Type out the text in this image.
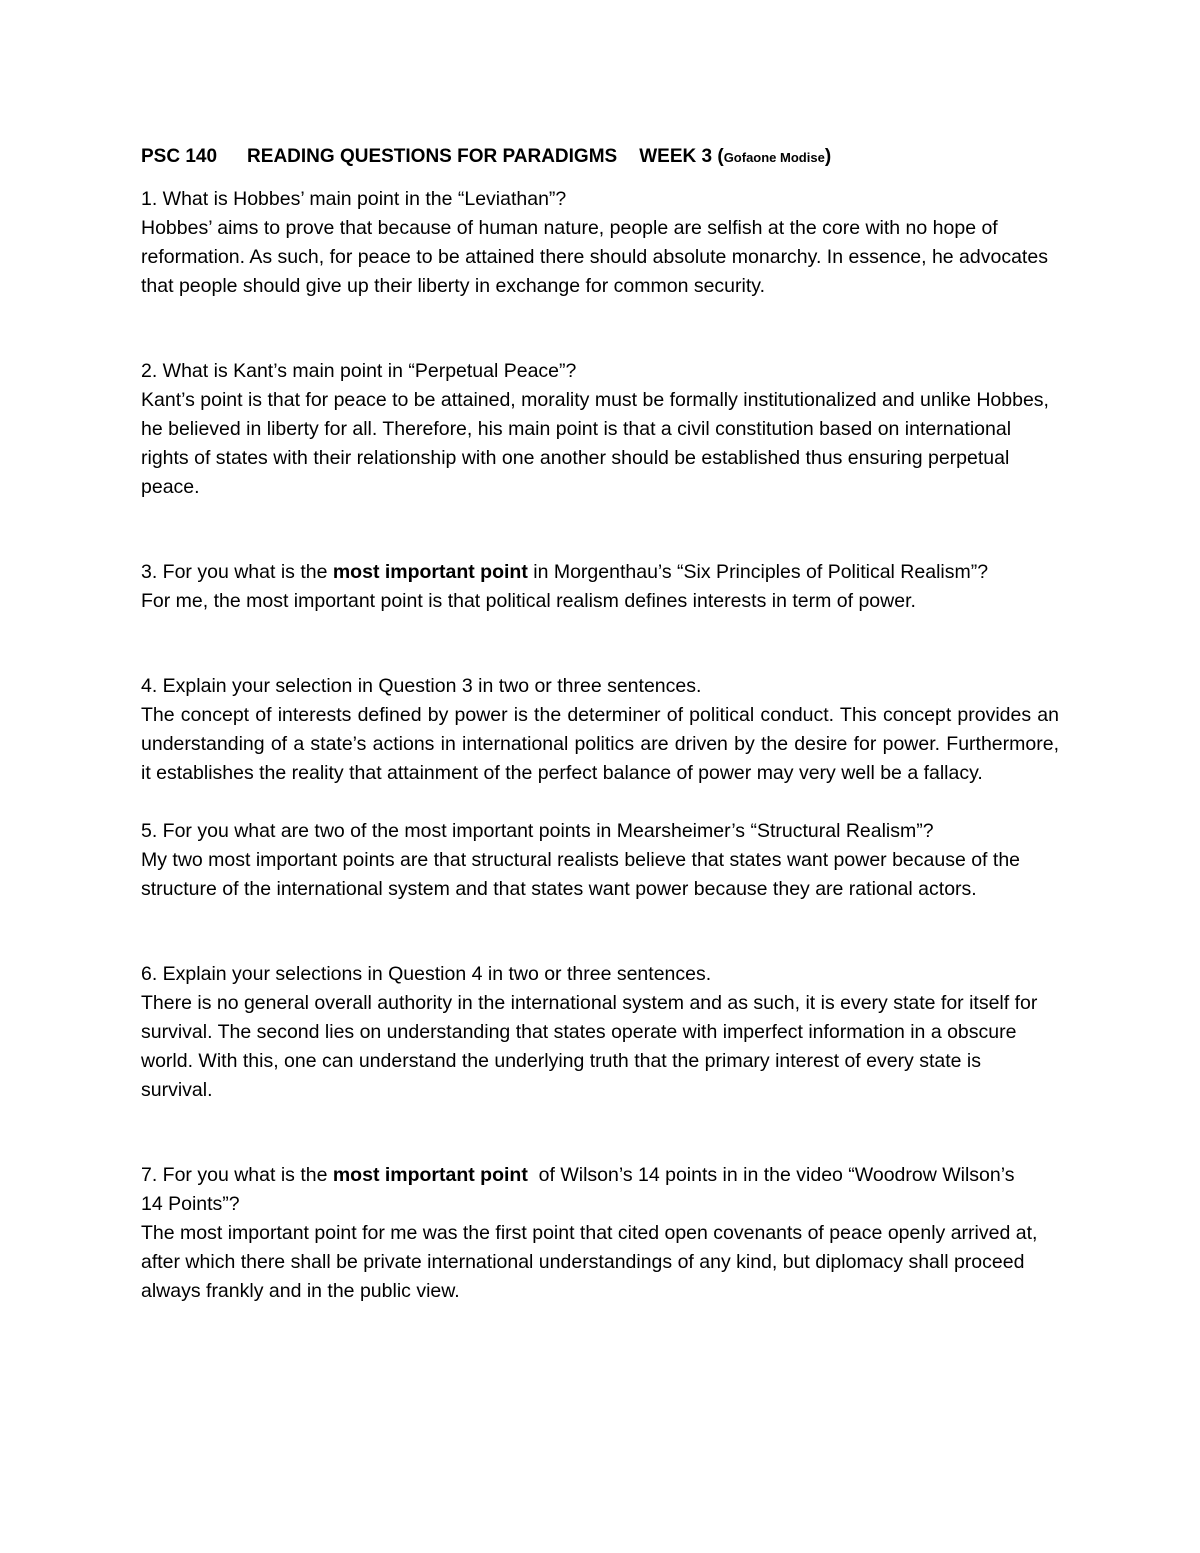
PSC 140 READING QUESTIONS FOR PARADIGMS WEEK 3 (Gofaone Modise)
1. What is Hobbes’ main point in the “Leviathan”?
Hobbes’ aims to prove that because of human nature, people are selfish at the core with no hope of reformation. As such, for peace to be attained there should absolute monarchy. In essence, he advocates that people should give up their liberty in exchange for common security.
2. What is Kant’s main point in “Perpetual Peace”?
Kant’s point is that for peace to be attained, morality must be formally institutionalized and unlike Hobbes, he believed in liberty for all. Therefore, his main point is that a civil constitution based on international rights of states with their relationship with one another should be established thus ensuring perpetual peace.
3. For you what is the most important point in Morgenthau’s “Six Principles of Political Realism”?
For me, the most important point is that political realism defines interests in term of power.
4. Explain your selection in Question 3 in two or three sentences.
The concept of interests defined by power is the determiner of political conduct. This concept provides an understanding of a state’s actions in international politics are driven by the desire for power. Furthermore, it establishes the reality that attainment of the perfect balance of power may very well be a fallacy.
5. For you what are two of the most important points in Mearsheimer’s “Structural Realism”?
My two most important points are that structural realists believe that states want power because of the structure of the international system and that states want power because they are rational actors.
6. Explain your selections in Question 4 in two or three sentences.
There is no general overall authority in the international system and as such, it is every state for itself for survival. The second lies on understanding that states operate with imperfect information in a obscure world. With this, one can understand the underlying truth that the primary interest of every state is survival.
7. For you what is the most important point  of Wilson’s 14 points in in the video “Woodrow Wilson’s 14 Points”?
The most important point for me was the first point that cited open covenants of peace openly arrived at, after which there shall be private international understandings of any kind, but diplomacy shall proceed always frankly and in the public view.
